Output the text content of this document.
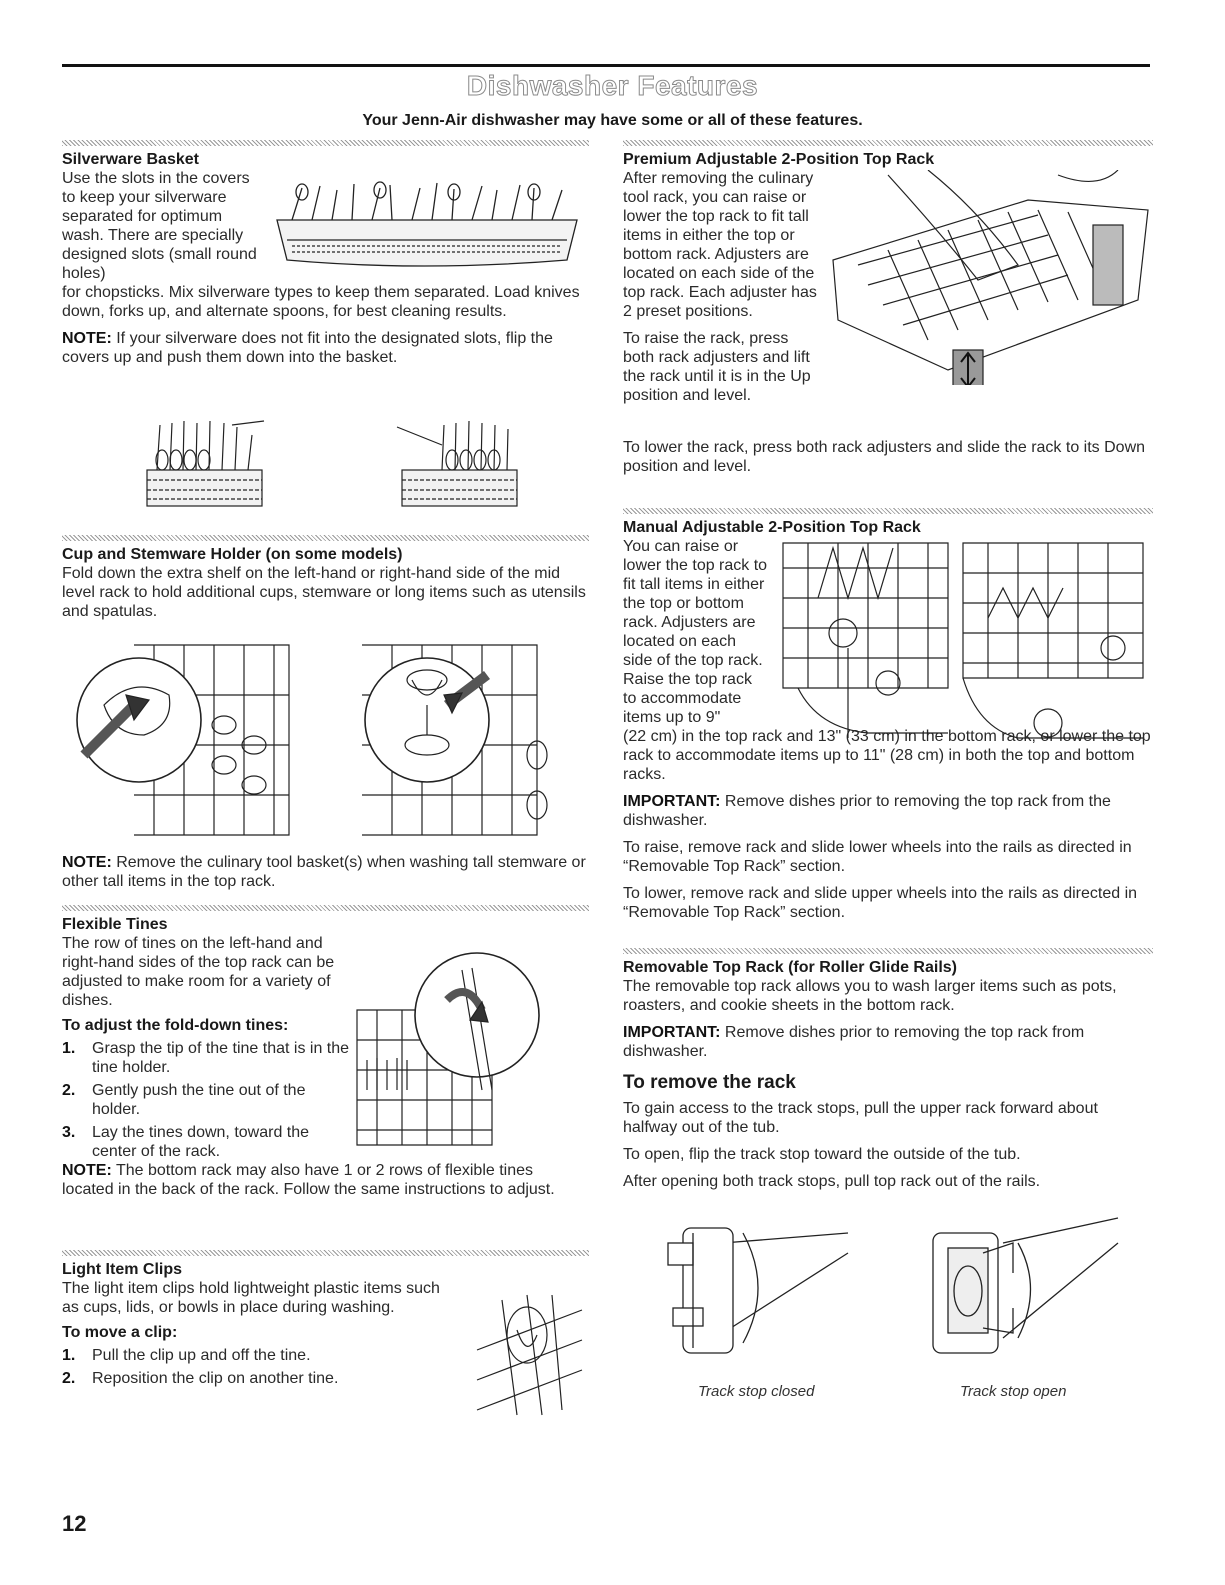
Dishwasher Features
Your Jenn-Air dishwasher may have some or all of these features.
Silverware Basket

Use the slots in the covers to keep your silverware separated for optimum wash. There are specially designed slots (small round holes)

for chopsticks. Mix silverware types to keep them separated. Load knives down, forks up, and alternate spoons, for best cleaning results.

NOTE: If your silverware does not fit into the designated slots, flip the covers up and push them down into the basket.

Cup and Stemware Holder (on some models)

Fold down the extra shelf on the left-hand or right-hand side of the mid level rack to hold additional cups, stemware or long items such as utensils and spatulas.

NOTE: Remove the culinary tool basket(s) when washing tall stemware or other tall items in the top rack.

Flexible Tines

The row of tines on the left-hand and right-hand sides of the top rack can be adjusted to make room for a variety of dishes.

To adjust the fold-down tines:
1.	Grasp the tip of the tine that is in the tine holder.
2.	Gently push the tine out of the holder.
3.	Lay the tines down, toward the center of the rack.

NOTE: The bottom rack may also have 1 or 2 rows of flexible tines located in the back of the rack. Follow the same instructions to adjust.

Light Item Clips

The light item clips hold lightweight plastic items such as cups, lids, or bowls in place during washing.

To move a clip:
1.	Pull the clip up and off the tine.
2.	Reposition the clip on another tine.
Premium Adjustable 2-Position Top Rack

After removing the culinary tool rack, you can raise or lower the top rack to fit tall items in either the top or bottom rack. Adjusters are located on each side of the top rack. Each adjuster has 2 preset positions.

To raise the rack, press both rack adjusters and lift the rack until it is in the Up position and level.

To lower the rack, press both rack adjusters and slide the rack to its Down position and level.

Manual Adjustable 2-Position Top Rack

You can raise or lower the top rack to fit tall items in either the top or bottom rack. Adjusters are located on each side of the top rack. Raise the top rack to accommodate items up to 9"

(22 cm) in the top rack and 13" (33 cm) in the bottom rack, or lower the top rack to accommodate items up to 11" (28 cm) in both the top and bottom racks.

IMPORTANT: Remove dishes prior to removing the top rack from the dishwasher.

To raise, remove rack and slide lower wheels into the rails as directed in “Removable Top Rack” section.

To lower, remove rack and slide upper wheels into the rails as directed in “Removable Top Rack” section.

Removable Top Rack (for Roller Glide Rails)

The removable top rack allows you to wash larger items such as pots, roasters, and cookie sheets in the bottom rack.

IMPORTANT: Remove dishes prior to removing the top rack from dishwasher.

To remove the rack

To gain access to the track stops, pull the upper rack forward about halfway out of the tub.

To open, flip the track stop toward the outside of the tub.

After opening both track stops, pull top rack out of the rails.

Track stop closed	Track stop open
12
